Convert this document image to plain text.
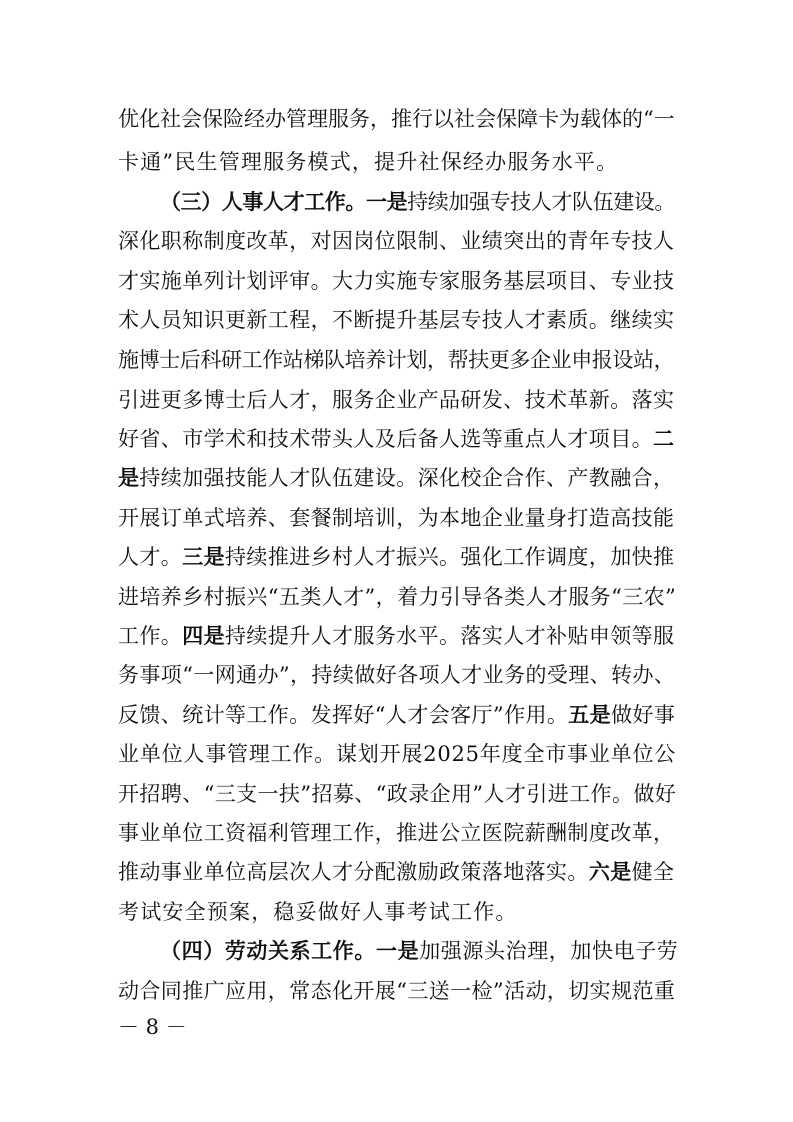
优化社会保险经办管理服务，推行以社会保障卡为载体的“一
卡通”民生管理服务模式，提升社保经办服务水平。
（三）人事人才工作。一是持续加强专技人才队伍建设。
深化职称制度改革，对因岗位限制、业绩突出的青年专技人
才实施单列计划评审。大力实施专家服务基层项目、专业技
术人员知识更新工程，不断提升基层专技人才素质。继续实
施博士后科研工作站梯队培养计划，帮扶更多企业申报设站，
引进更多博士后人才，服务企业产品研发、技术革新。落实
好省、市学术和技术带头人及后备人选等重点人才项目。二
是持续加强技能人才队伍建设。深化校企合作、产教融合，
开展订单式培养、套餐制培训，为本地企业量身打造高技能
人才。三是持续推进乡村人才振兴。强化工作调度，加快推
进培养乡村振兴“五类人才”，着力引导各类人才服务“三农”
工作。四是持续提升人才服务水平。落实人才补贴申领等服
务事项“一网通办”，持续做好各项人才业务的受理、转办、
反馈、统计等工作。发挥好“人才会客厅”作用。五是做好事
业单位人事管理工作。谋划开展2025年度全市事业单位公
开招聘、“三支一扶”招募、“政录企用”人才引进工作。做好
事业单位工资福利管理工作，推进公立医院薪酬制度改革，
推动事业单位高层次人才分配激励政策落地落实。六是健全
考试安全预案，稳妥做好人事考试工作。
（四）劳动关系工作。一是加强源头治理，加快电子劳
动合同推广应用，常态化开展“三送一检”活动，切实规范重
－ 8 －
